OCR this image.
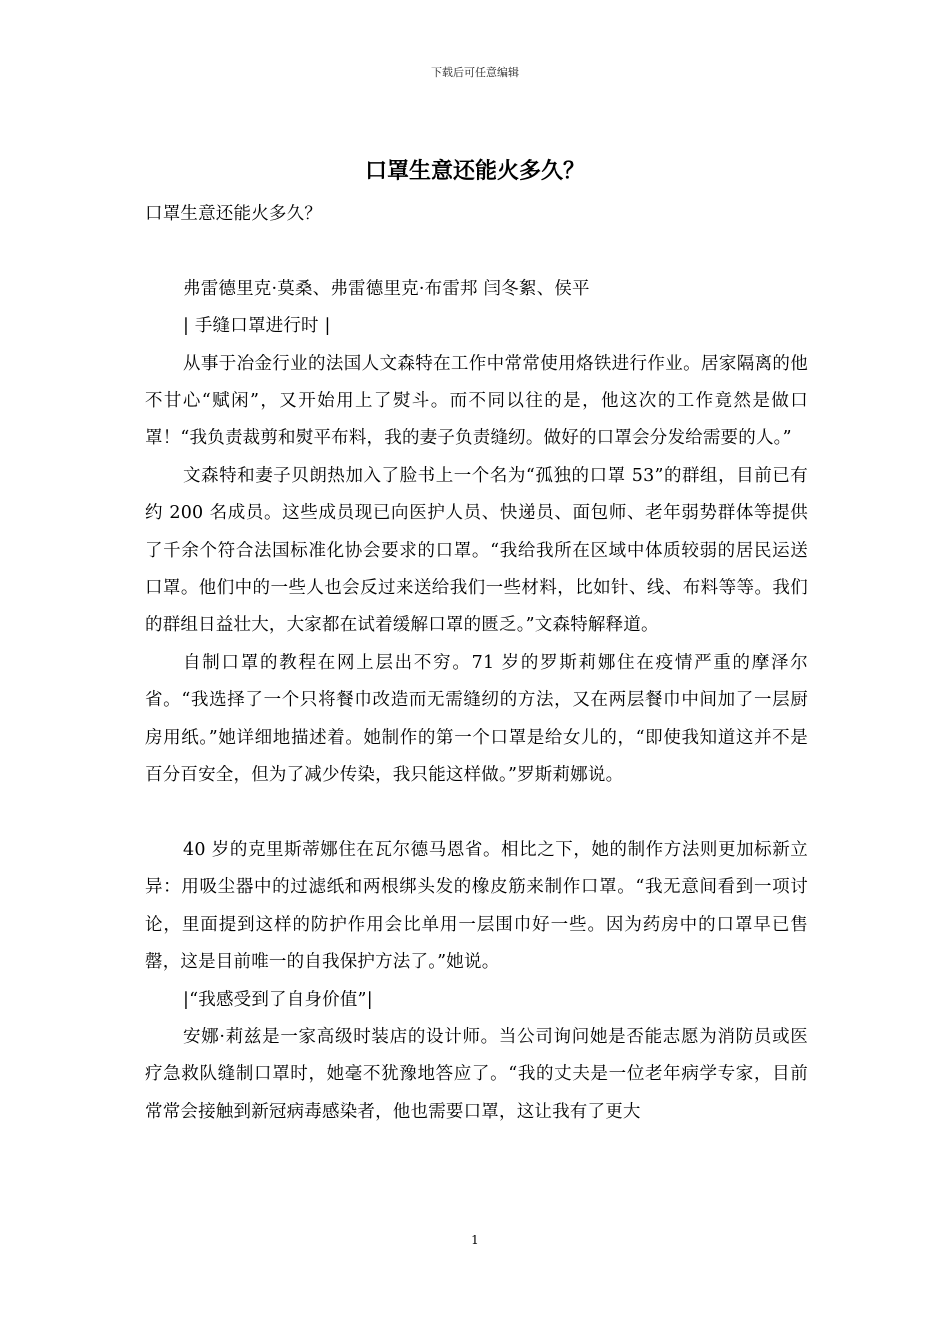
下载后可任意编辑
口罩生意还能火多久？

口罩生意还能火多久？

弗雷德里克·莫桑、弗雷德里克·布雷邦 闫冬絮、侯平

| 手缝口罩进行时 |

从事于冶金行业的法国人文森特在工作中常常使用烙铁进行作业。居家隔离的他不甘心“赋闲”，又开始用上了熨斗。而不同以往的是，他这次的工作竟然是做口罩！“我负责裁剪和熨平布料，我的妻子负责缝纫。做好的口罩会分发给需要的人。”

文森特和妻子贝朗热加入了脸书上一个名为“孤独的口罩 53”的群组，目前已有约 200 名成员。这些成员现已向医护人员、快递员、面包师、老年弱势群体等提供了千余个符合法国标准化协会要求的口罩。“我给我所在区域中体质较弱的居民运送口罩。他们中的一些人也会反过来送给我们一些材料，比如针、线、布料等等。我们的群组日益壮大，大家都在试着缓解口罩的匮乏。”文森特解释道。

自制口罩的教程在网上层出不穷。71 岁的罗斯莉娜住在疫情严重的摩泽尔省。“我选择了一个只将餐巾改造而无需缝纫的方法，又在两层餐巾中间加了一层厨房用纸。”她详细地描述着。她制作的第一个口罩是给女儿的，“即使我知道这并不是百分百安全，但为了减少传染，我只能这样做。”罗斯莉娜说。

40 岁的克里斯蒂娜住在瓦尔德马恩省。相比之下，她的制作方法则更加标新立异：用吸尘器中的过滤纸和两根绑头发的橡皮筋来制作口罩。“我无意间看到一项讨论，里面提到这样的防护作用会比单用一层围巾好一些。因为药房中的口罩早已售罄，这是目前唯一的自我保护方法了。”她说。

|“我感受到了自身价值”|

安娜·莉兹是一家高级时装店的设计师。当公司询问她是否能志愿为消防员或医疗急救队缝制口罩时，她毫不犹豫地答应了。“我的丈夫是一位老年病学专家，目前常常会接触到新冠病毒感染者，他也需要口罩，这让我有了更大

1
